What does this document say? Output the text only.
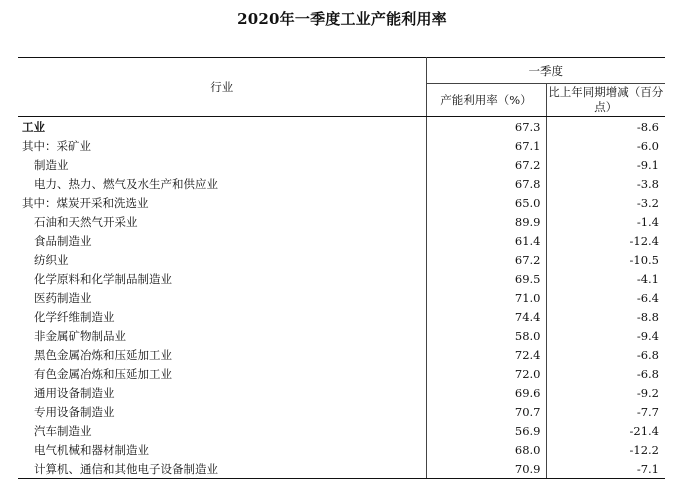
2020年一季度工业产能利用率
行业	一季度	
	产能利用率（%）	比上年同期增减（百分点）
工业	67.3	-8.6
其中：采矿业	67.1	-6.0
制造业	67.2	-9.1
电力、热力、燃气及水生产和供应业	67.8	-3.8
其中：煤炭开采和洗选业	65.0	-3.2
石油和天然气开采业	89.9	-1.4
食品制造业	61.4	-12.4
纺织业	67.2	-10.5
化学原料和化学制品制造业	69.5	-4.1
医药制造业	71.0	-6.4
化学纤维制造业	74.4	-8.8
非金属矿物制品业	58.0	-9.4
黑色金属冶炼和压延加工业	72.4	-6.8
有色金属冶炼和压延加工业	72.0	-6.8
通用设备制造业	69.6	-9.2
专用设备制造业	70.7	-7.7
汽车制造业	56.9	-21.4
电气机械和器材制造业	68.0	-12.2
计算机、通信和其他电子设备制造业	70.9	-7.1
